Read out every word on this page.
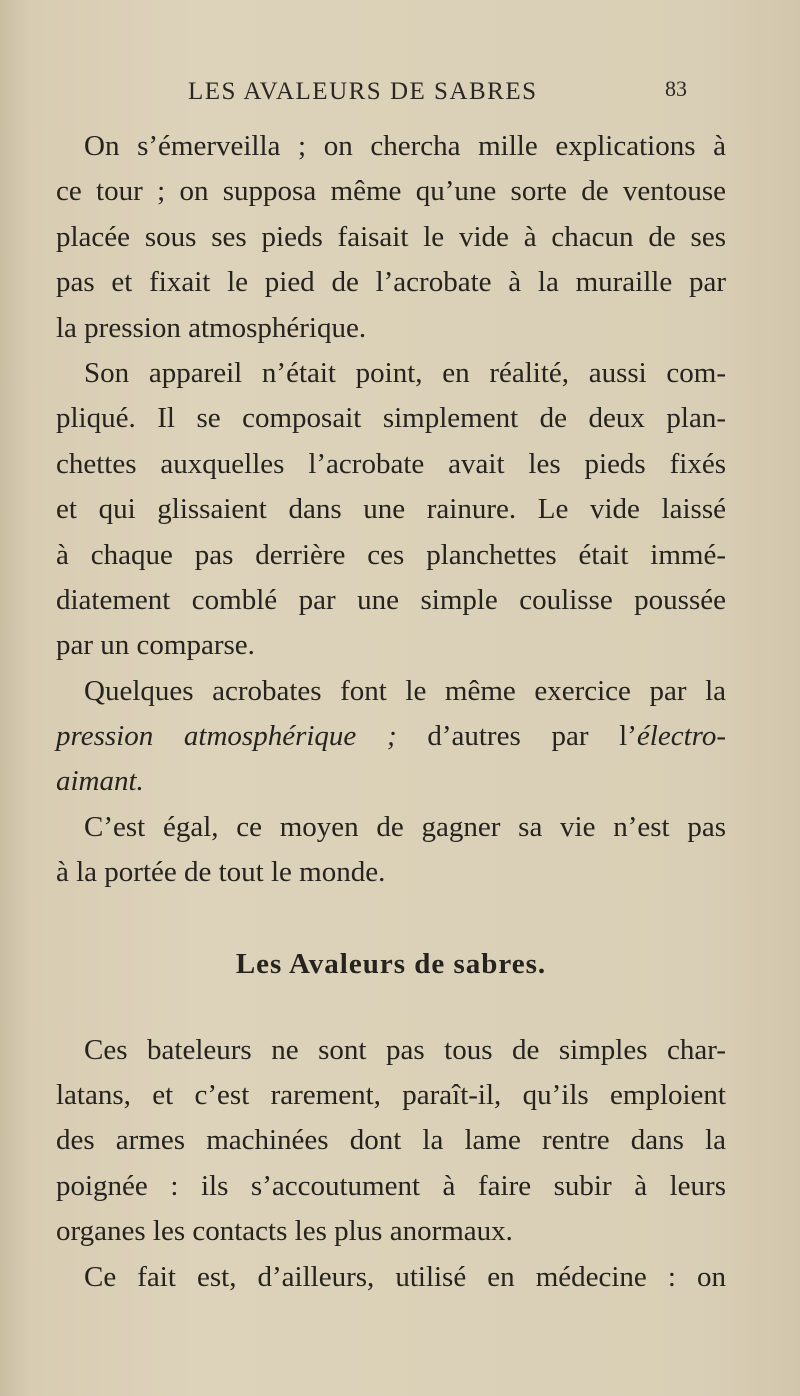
LES AVALEURS DE SABRES	83
On s’émerveilla ; on chercha mille explications à
ce tour ; on supposa même qu’une sorte de ventouse
placée sous ses pieds faisait le vide à chacun de ses
pas et fixait le pied de l’acrobate à la muraille par
la pression atmosphérique.
Son appareil n’était point, en réalité, aussi com-
pliqué. Il se composait simplement de deux plan-
chettes auxquelles l’acrobate avait les pieds fixés
et qui glissaient dans une rainure. Le vide laissé
à chaque pas derrière ces planchettes était immé-
diatement comblé par une simple coulisse poussée
par un comparse.
Quelques acrobates font le même exercice par la
pression atmosphérique ; d’autres par l’électro-
aimant.
C’est égal, ce moyen de gagner sa vie n’est pas
à la portée de tout le monde.
Les Avaleurs de sabres.
Ces bateleurs ne sont pas tous de simples char-
latans, et c’est rarement, paraît-il, qu’ils emploient
des armes machinées dont la lame rentre dans la
poignée : ils s’accoutument à faire subir à leurs
organes les contacts les plus anormaux.
Ce fait est, d’ailleurs, utilisé en médecine : on
